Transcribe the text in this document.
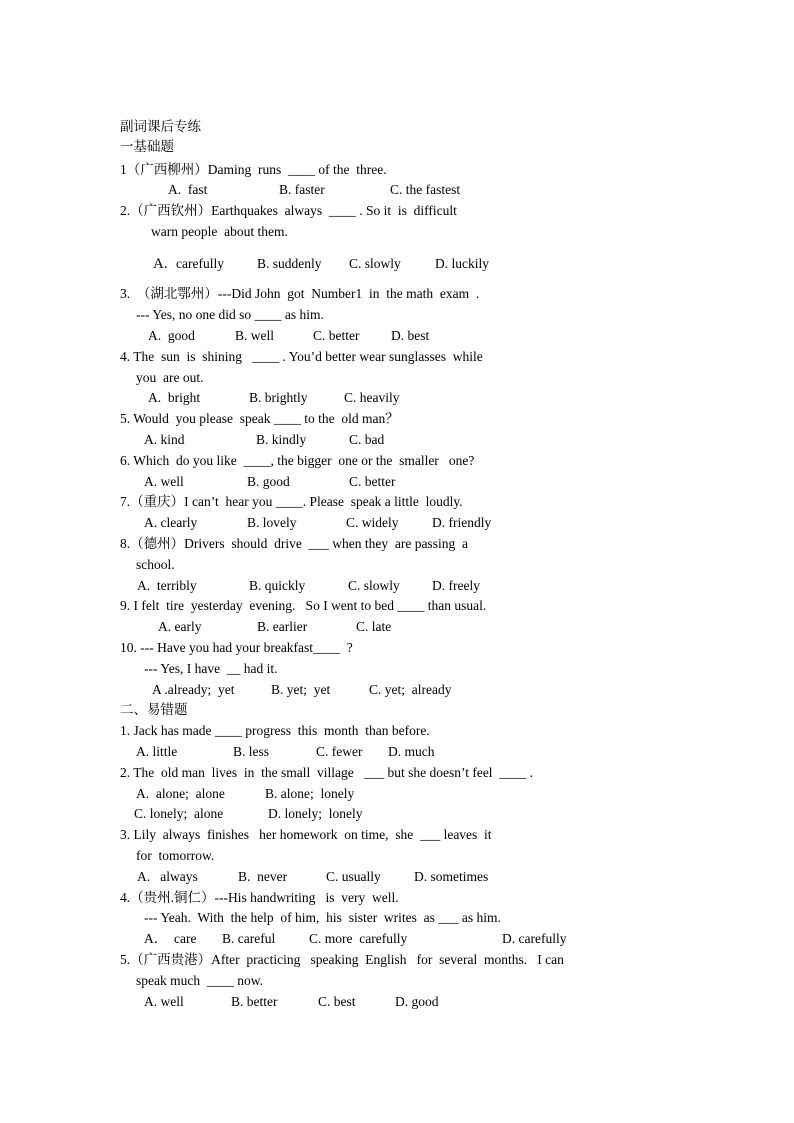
副词课后专练
一基础题
1（广西柳州）Daming  runs  ____ of the  three.
A.  fast	B. faster	C. the fastest
2.（广西钦州）Earthquakes  always  ____ . So it  is  difficult
warn people  about them.
A. carefully B. suddenly C. slowly	D. luckily
3.  （湖北鄂州）---Did John  got  Number1  in  the math  exam  .
--- Yes, no one did so ____ as him.
A.  good	B. well	C. better D. best
4. The  sun  is  shining   ____ . You’d better wear sunglasses  while
you  are out.
A.  bright	B. brightly	C. heavily
5. Would  you please  speak ____ to the  old man？
A. kind	B. kindly	C. bad
6. Which  do you like  ____, the bigger  one or the  smaller   one?
A. well	B. good	C. better
7.（重庆）I can’t  hear you ____. Please  speak a little  loudly.
A. clearly	B. lovely	C. widely D. friendly
8.（德州）Drivers  should  drive  ___ when they  are passing  a
school.
A.  terribly	B. quickly	C. slowly D. freely
9. I felt  tire  yesterday  evening.   So I went to bed ____ than usual.
A. early	B. earlier	C. late
10. --- Have you had your breakfast____  ?
--- Yes, I have  __ had it.
A .already;  yet	B. yet;  yet	C. yet;  already
二、易错题
1. Jack has made ____ progress  this  month  than before.
A. little	B. less	C. fewer D. much
2. The  old man  lives  in  the small  village   ___ but she doesn’t feel  ____ .
A.  alone;  alone	B. alone;  lonely
C. lonely;  alone	D. lonely;  lonely
3. Lily  always  finishes   her homework  on time,  she  ___ leaves  it
for  tomorrow.
A.   always	B.  never	C. usually D. sometimes
4.（贵州.铜仁）---His handwriting   is  very  well.
--- Yeah.  With  the help  of him,  his  sister  writes  as ___ as him.
A．  care B. careful	C. more  carefully	D. carefully
5.（广西贵港）After  practicing   speaking  English   for  several  months.   I can
speak much  ____ now.
A. well	B. better	C. best	D. good
